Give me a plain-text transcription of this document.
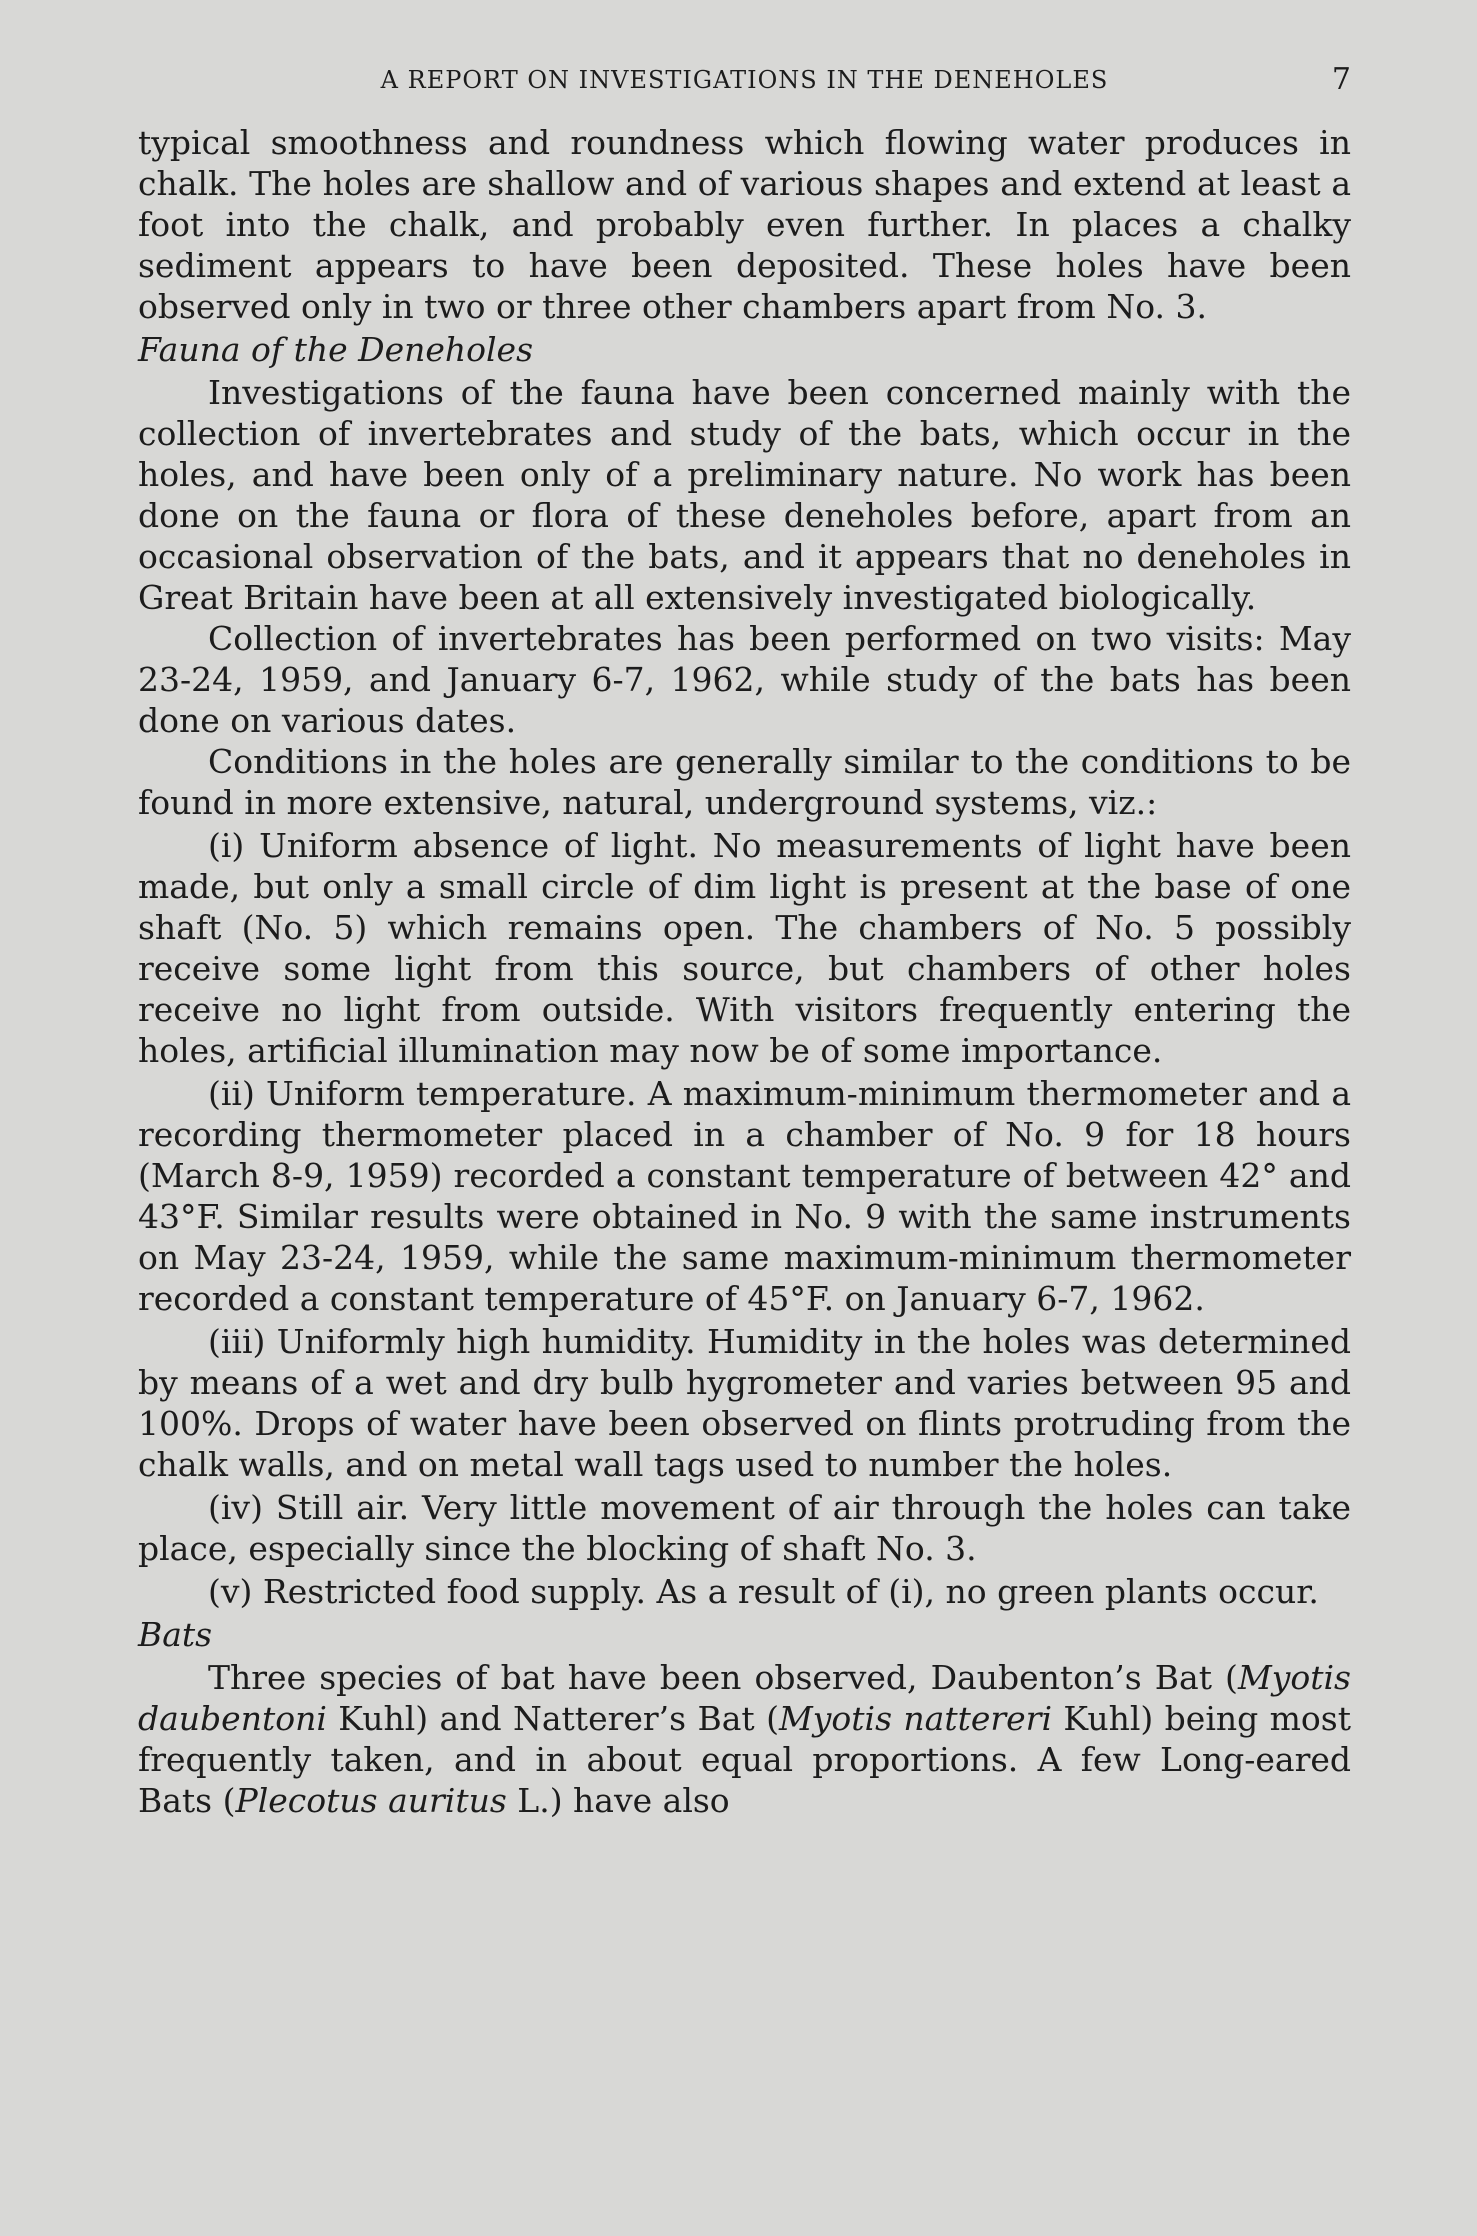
A REPORT ON INVESTIGATIONS IN THE DENEHOLES	7

typical smoothness and roundness which flowing water produces in chalk. The holes are shallow and of various shapes and extend at least a foot into the chalk, and probably even further. In places a chalky sediment appears to have been deposited. These holes have been observed only in two or three other chambers apart from No. 3.

Fauna of the Deneholes

Investigations of the fauna have been concerned mainly with the collection of invertebrates and study of the bats, which occur in the holes, and have been only of a preliminary nature. No work has been done on the fauna or flora of these deneholes before, apart from an occasional observation of the bats, and it appears that no deneholes in Great Britain have been at all extensively investigated biologically.

Collection of invertebrates has been performed on two visits: May 23-24, 1959, and January 6-7, 1962, while study of the bats has been done on various dates.

Conditions in the holes are generally similar to the conditions to be found in more extensive, natural, underground systems, viz.:

(i) Uniform absence of light. No measurements of light have been made, but only a small circle of dim light is present at the base of one shaft (No. 5) which remains open. The chambers of No. 5 possibly receive some light from this source, but chambers of other holes receive no light from outside. With visitors frequently entering the holes, artificial illumination may now be of some importance.

(ii) Uniform temperature. A maximum-minimum thermometer and a recording thermometer placed in a chamber of No. 9 for 18 hours (March 8-9, 1959) recorded a constant temperature of between 42° and 43°F. Similar results were obtained in No. 9 with the same instruments on May 23-24, 1959, while the same maximum-minimum thermometer recorded a constant temperature of 45°F. on January 6-7, 1962.

(iii) Uniformly high humidity. Humidity in the holes was determined by means of a wet and dry bulb hygrometer and varies between 95 and 100%. Drops of water have been observed on flints protruding from the chalk walls, and on metal wall tags used to number the holes.

(iv) Still air. Very little movement of air through the holes can take place, especially since the blocking of shaft No. 3.

(v) Restricted food supply. As a result of (i), no green plants occur.

Bats

Three species of bat have been observed, Daubenton’s Bat (Myotis daubentoni Kuhl) and Natterer’s Bat (Myotis nattereri Kuhl) being most frequently taken, and in about equal proportions. A few Long-eared Bats (Plecotus auritus L.) have also
